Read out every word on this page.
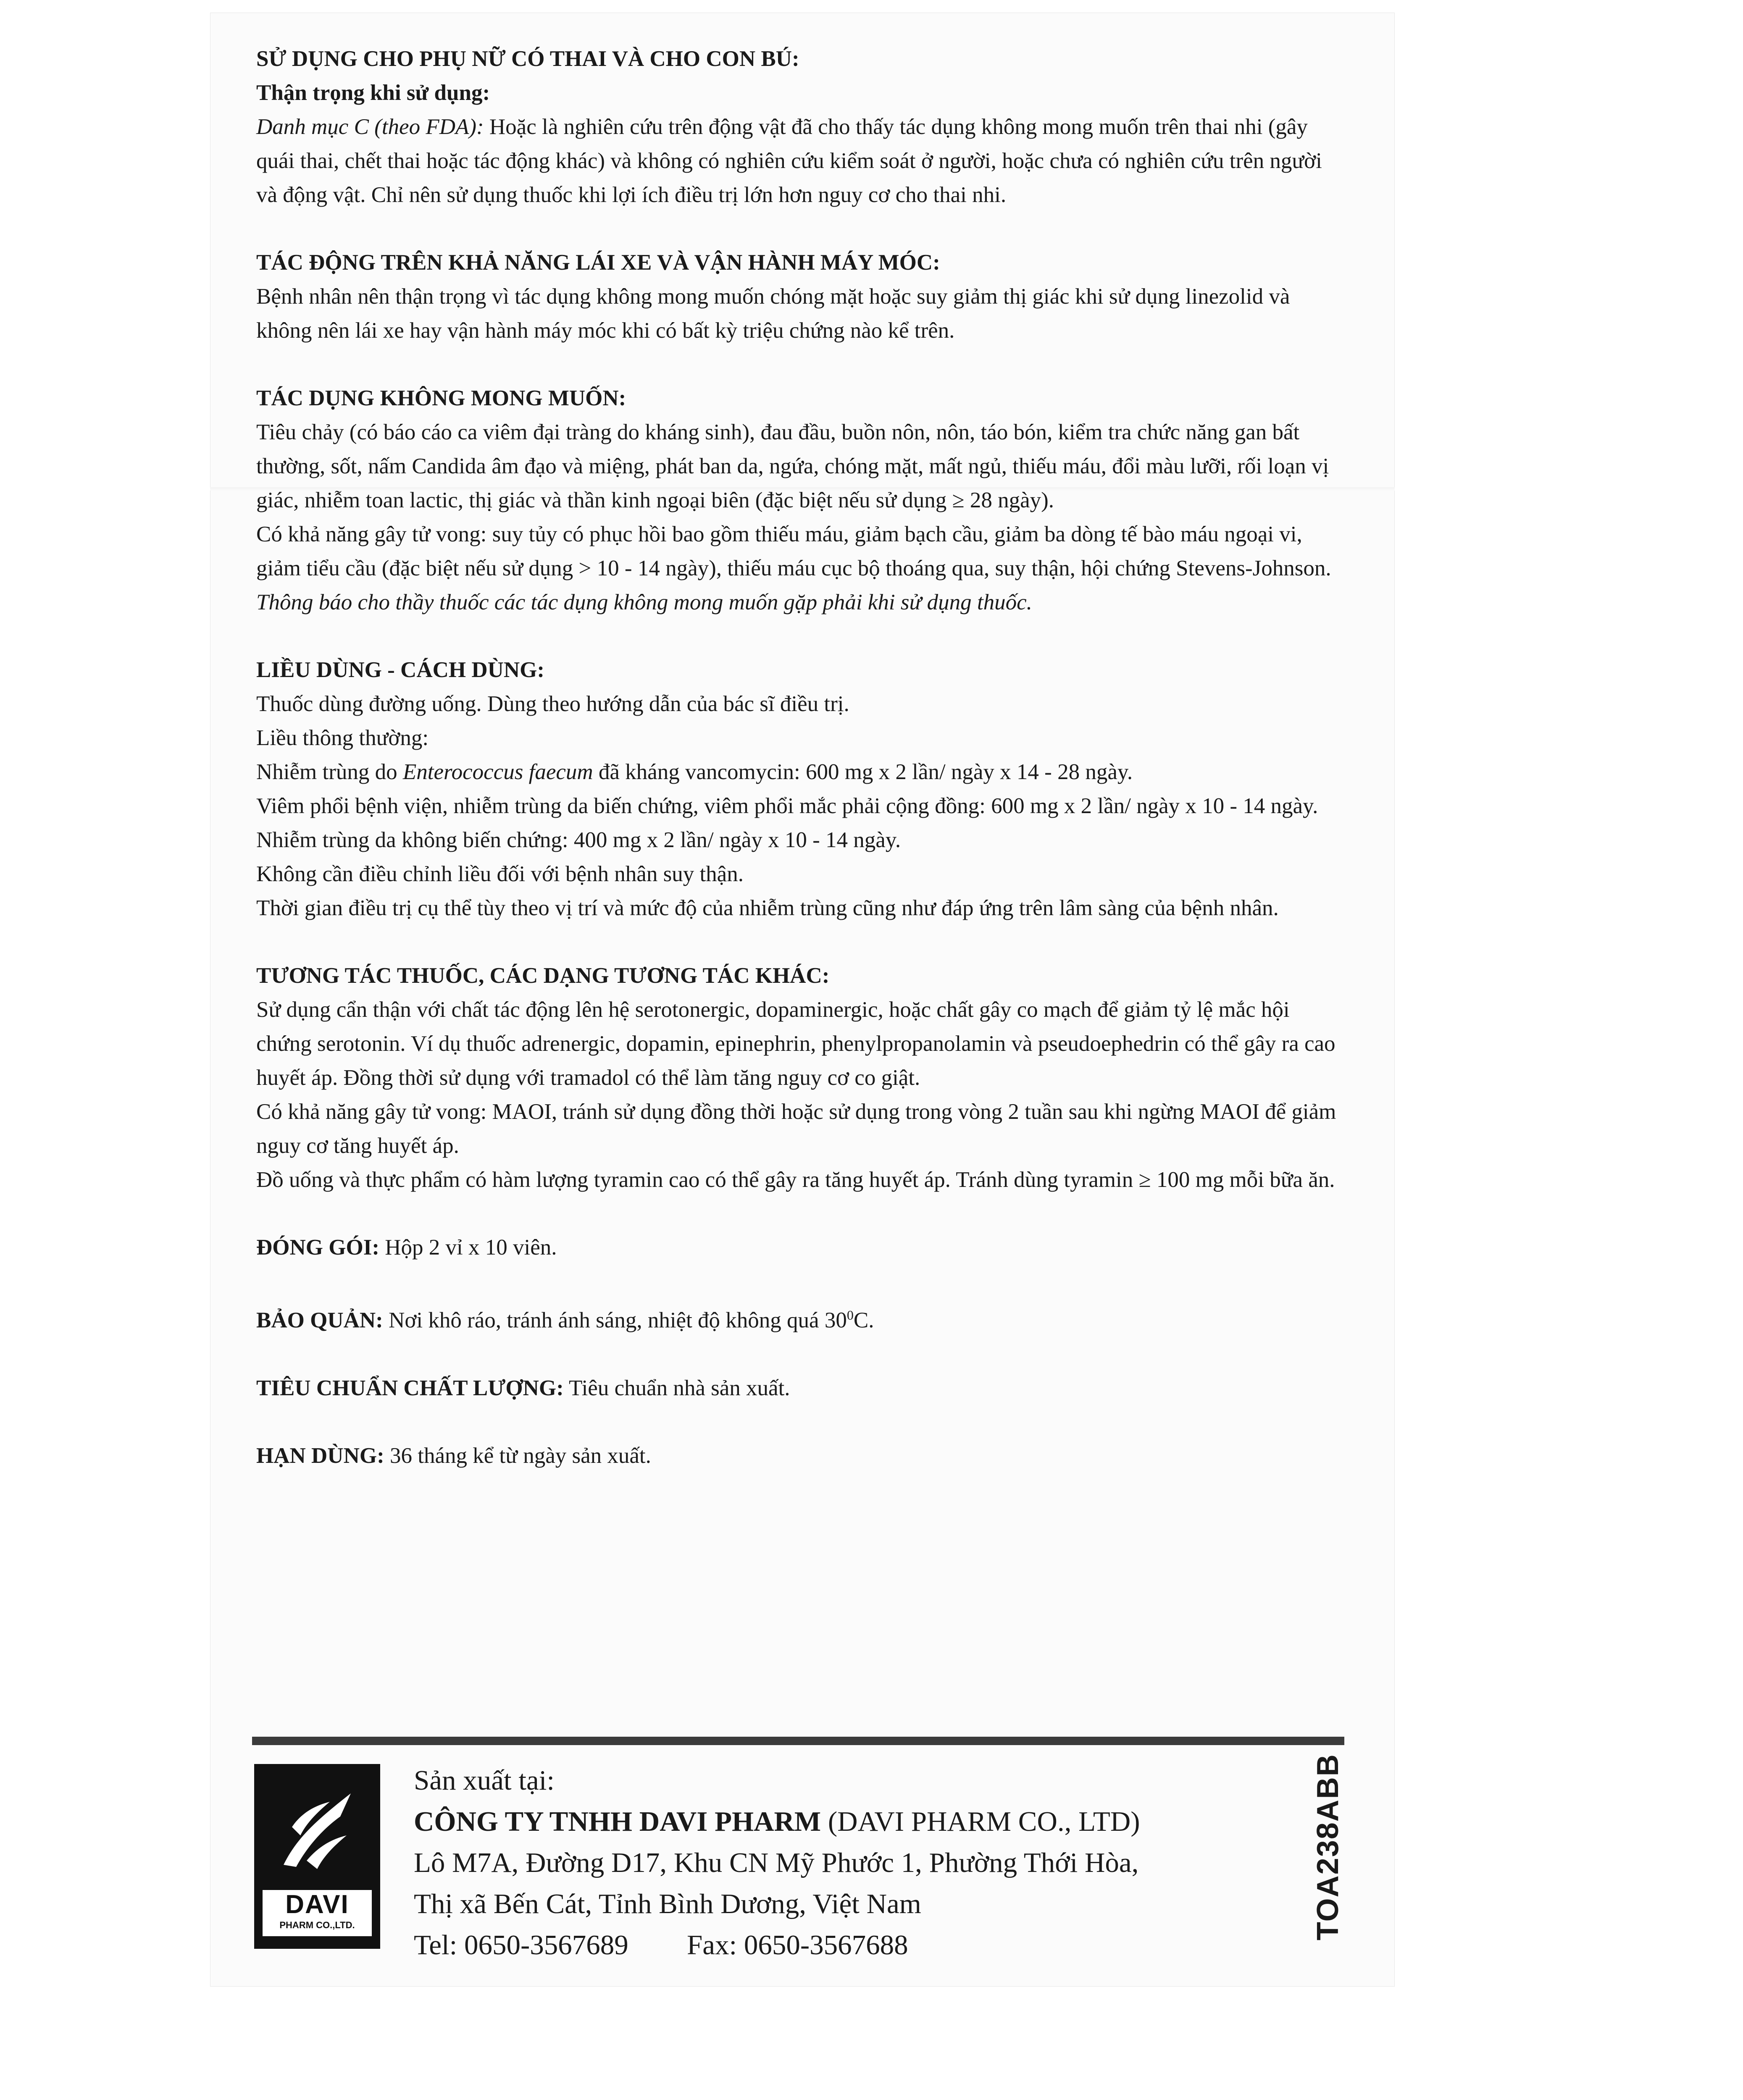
SỬ DỤNG CHO PHỤ NỮ CÓ THAI VÀ CHO CON BÚ:

Thận trọng khi sử dụng:

Danh mục C (theo FDA): Hoặc là nghiên cứu trên động vật đã cho thấy tác dụng không mong muốn trên thai nhi (gây quái thai, chết thai hoặc tác động khác) và không có nghiên cứu kiểm soát ở người, hoặc chưa có nghiên cứu trên người và động vật. Chỉ nên sử dụng thuốc khi lợi ích điều trị lớn hơn nguy cơ cho thai nhi.

TÁC ĐỘNG TRÊN KHẢ NĂNG LÁI XE VÀ VẬN HÀNH MÁY MÓC:

Bệnh nhân nên thận trọng vì tác dụng không mong muốn chóng mặt hoặc suy giảm thị giác khi sử dụng linezolid và không nên lái xe hay vận hành máy móc khi có bất kỳ triệu chứng nào kể trên.

TÁC DỤNG KHÔNG MONG MUỐN:

Tiêu chảy (có báo cáo ca viêm đại tràng do kháng sinh), đau đầu, buồn nôn, nôn, táo bón, kiểm tra chức năng gan bất thường, sốt, nấm Candida âm đạo và miệng, phát ban da, ngứa, chóng mặt, mất ngủ, thiếu máu, đổi màu lưỡi, rối loạn vị giác, nhiễm toan lactic, thị giác và thần kinh ngoại biên (đặc biệt nếu sử dụng ≥ 28 ngày).

Có khả năng gây tử vong: suy tủy có phục hồi bao gồm thiếu máu, giảm bạch cầu, giảm ba dòng tế bào máu ngoại vi, giảm tiểu cầu (đặc biệt nếu sử dụng > 10 - 14 ngày), thiếu máu cục bộ thoáng qua, suy thận, hội chứng Stevens-Johnson.

Thông báo cho thầy thuốc các tác dụng không mong muốn gặp phải khi sử dụng thuốc.

LIỀU DÙNG - CÁCH DÙNG:

Thuốc dùng đường uống. Dùng theo hướng dẫn của bác sĩ điều trị.

Liều thông thường:

Nhiễm trùng do Enterococcus faecum đã kháng vancomycin: 600 mg x 2 lần/ ngày x 14 - 28 ngày.

Viêm phổi bệnh viện, nhiễm trùng da biến chứng, viêm phổi mắc phải cộng đồng: 600 mg x 2 lần/ ngày x 10 - 14 ngày.

Nhiễm trùng da không biến chứng: 400 mg x 2 lần/ ngày x 10 - 14 ngày.

Không cần điều chỉnh liều đối với bệnh nhân suy thận.

Thời gian điều trị cụ thể tùy theo vị trí và mức độ của nhiễm trùng cũng như đáp ứng trên lâm sàng của bệnh nhân.

TƯƠNG TÁC THUỐC, CÁC DẠNG TƯƠNG TÁC KHÁC:

Sử dụng cẩn thận với chất tác động lên hệ serotonergic, dopaminergic, hoặc chất gây co mạch để giảm tỷ lệ mắc hội chứng serotonin. Ví dụ thuốc adrenergic, dopamin, epinephrin, phenylpropanolamin và pseudoephedrin có thể gây ra cao huyết áp. Đồng thời sử dụng với tramadol có thể làm tăng nguy cơ co giật.

Có khả năng gây tử vong: MAOI, tránh sử dụng đồng thời hoặc sử dụng trong vòng 2 tuần sau khi ngừng MAOI để giảm nguy cơ tăng huyết áp.

Đồ uống và thực phẩm có hàm lượng tyramin cao có thể gây ra tăng huyết áp. Tránh dùng tyramin ≥ 100 mg mỗi bữa ăn.

ĐÓNG GÓI: Hộp 2 vỉ x 10 viên.

BẢO QUẢN: Nơi khô ráo, tránh ánh sáng, nhiệt độ không quá $30^0C$.

TIÊU CHUẨN CHẤT LƯỢNG: Tiêu chuẩn nhà sản xuất.

HẠN DÙNG: 36 tháng kể từ ngày sản xuất.

DAVI
PHARM CO.,LTD.

Sản xuất tại:

CÔNG TY TNHH DAVI PHARM (DAVI PHARM CO., LTD)

Lô M7A, Đường D17, Khu CN Mỹ Phước 1, Phường Thới Hòa,

Thị xã Bến Cát, Tỉnh Bình Dương, Việt Nam

Tel: 0650-3567689 Fax: 0650-3567688

TOA238ABB
